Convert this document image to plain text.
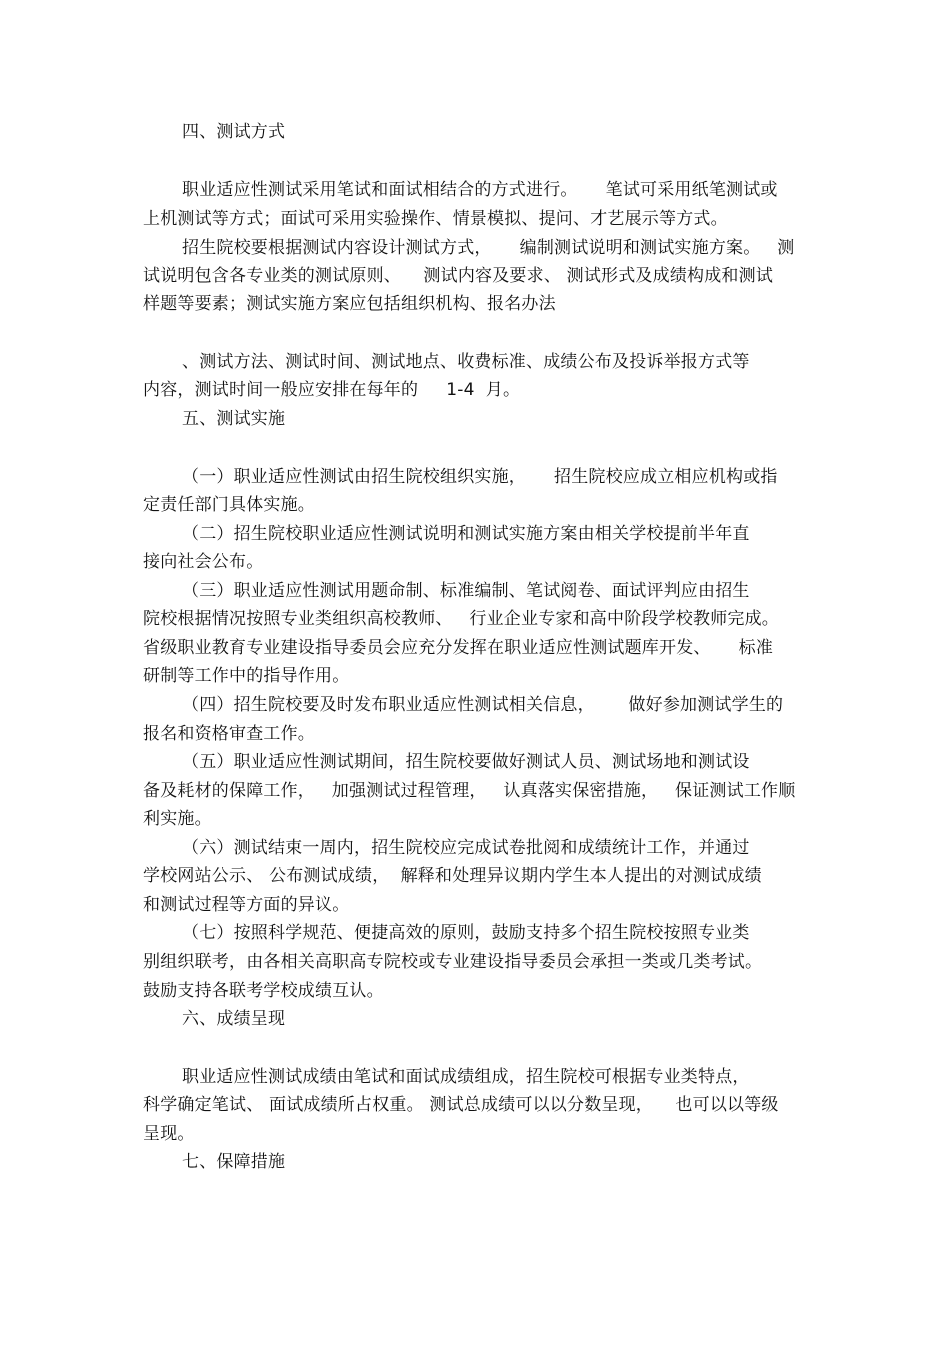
四、测试方式
职业适应性测试采用笔试和面试相结合的方式进行。     笔试可采用纸笔测试或
上机测试等方式；面试可采用实验操作、情景模拟、提问、才艺展示等方式。
招生院校要根据测试内容设计测试方式，     编制测试说明和测试实施方案。   测
试说明包含各专业类的测试原则、    测试内容及要求、 测试形式及成绩构成和测试
样题等要素；测试实施方案应包括组织机构、报名办法
、测试方法、测试时间、测试地点、收费标准、成绩公布及投诉举报方式等
内容，测试时间一般应安排在每年的     1-4  月。
五、测试实施
（一）职业适应性测试由招生院校组织实施，     招生院校应成立相应机构或指
定责任部门具体实施。
（二）招生院校职业适应性测试说明和测试实施方案由相关学校提前半年直
接向社会公布。
（三）职业适应性测试用题命制、标准编制、笔试阅卷、面试评判应由招生
院校根据情况按照专业类组织高校教师、   行业企业专家和高中阶段学校教师完成。
省级职业教育专业建设指导委员会应充分发挥在职业适应性测试题库开发、     标准
研制等工作中的指导作用。
（四）招生院校要及时发布职业适应性测试相关信息，      做好参加测试学生的
报名和资格审查工作。
（五）职业适应性测试期间，招生院校要做好测试人员、测试场地和测试设
备及耗材的保障工作，   加强测试过程管理，   认真落实保密措施，   保证测试工作顺
利实施。
（六）测试结束一周内，招生院校应完成试卷批阅和成绩统计工作，并通过
学校网站公示、 公布测试成绩，  解释和处理异议期内学生本人提出的对测试成绩
和测试过程等方面的异议。
（七）按照科学规范、便捷高效的原则，鼓励支持多个招生院校按照专业类
别组织联考，由各相关高职高专院校或专业建设指导委员会承担一类或几类考试。
鼓励支持各联考学校成绩互认。
六、成绩呈现
职业适应性测试成绩由笔试和面试成绩组成，招生院校可根据专业类特点，
科学确定笔试、 面试成绩所占权重。 测试总成绩可以以分数呈现，    也可以以等级
呈现。
七、保障措施
